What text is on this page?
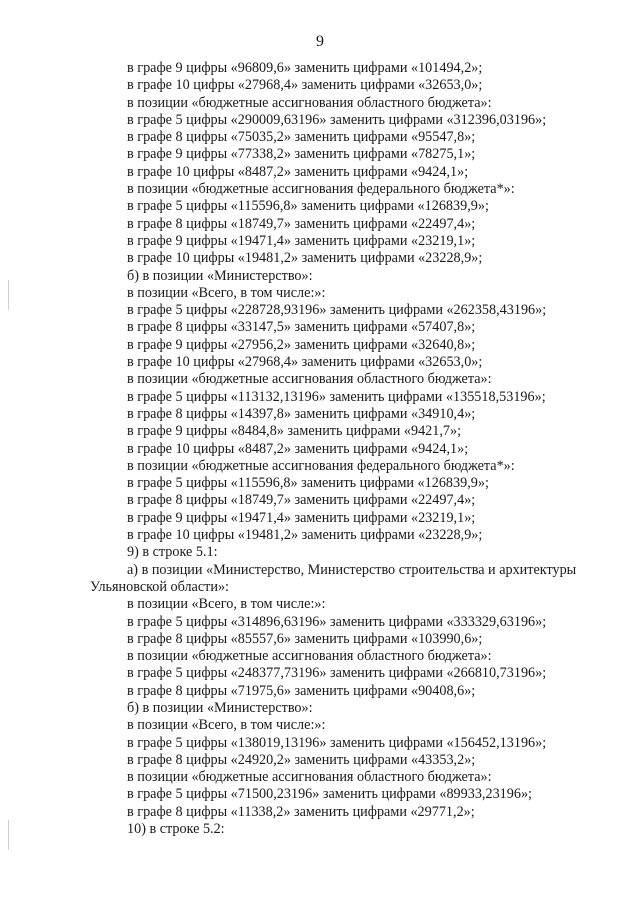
9
в графе 9 цифры «96809,6» заменить цифрами «101494,2»;
в графе 10 цифры «27968,4» заменить цифрами «32653,0»;
в позиции «бюджетные ассигнования областного бюджета»:
в графе 5 цифры «290009,63196» заменить цифрами «312396,03196»;
в графе 8 цифры «75035,2» заменить цифрами «95547,8»;
в графе 9 цифры «77338,2» заменить цифрами «78275,1»;
в графе 10 цифры «8487,2» заменить цифрами «9424,1»;
в позиции «бюджетные ассигнования федерального бюджета*»:
в графе 5 цифры «115596,8» заменить цифрами «126839,9»;
в графе 8 цифры «18749,7» заменить цифрами «22497,4»;
в графе 9 цифры «19471,4» заменить цифрами «23219,1»;
в графе 10 цифры «19481,2» заменить цифрами «23228,9»;
б) в позиции «Министерство»:
в позиции «Всего, в том числе:»:
в графе 5 цифры «228728,93196» заменить цифрами «262358,43196»;
в графе 8 цифры «33147,5» заменить цифрами «57407,8»;
в графе 9 цифры «27956,2» заменить цифрами «32640,8»;
в графе 10 цифры «27968,4» заменить цифрами «32653,0»;
в позиции «бюджетные ассигнования областного бюджета»:
в графе 5 цифры «113132,13196» заменить цифрами «135518,53196»;
в графе 8 цифры «14397,8» заменить цифрами «34910,4»;
в графе 9 цифры «8484,8» заменить цифрами «9421,7»;
в графе 10 цифры «8487,2» заменить цифрами «9424,1»;
в позиции «бюджетные ассигнования федерального бюджета*»:
в графе 5 цифры «115596,8» заменить цифрами «126839,9»;
в графе 8 цифры «18749,7» заменить цифрами «22497,4»;
в графе 9 цифры «19471,4» заменить цифрами «23219,1»;
в графе 10 цифры «19481,2» заменить цифрами «23228,9»;
9) в строке 5.1:
а) в позиции «Министерство, Министерство строительства и архитектуры
Ульяновской области»:
в позиции «Всего, в том числе:»:
в графе 5 цифры «314896,63196» заменить цифрами «333329,63196»;
в графе 8 цифры «85557,6» заменить цифрами «103990,6»;
в позиции «бюджетные ассигнования областного бюджета»:
в графе 5 цифры «248377,73196» заменить цифрами «266810,73196»;
в графе 8 цифры «71975,6» заменить цифрами «90408,6»;
б) в позиции «Министерство»:
в позиции «Всего, в том числе:»:
в графе 5 цифры «138019,13196» заменить цифрами «156452,13196»;
в графе 8 цифры «24920,2» заменить цифрами «43353,2»;
в позиции «бюджетные ассигнования областного бюджета»:
в графе 5 цифры «71500,23196» заменить цифрами «89933,23196»;
в графе 8 цифры «11338,2» заменить цифрами «29771,2»;
10) в строке 5.2:
